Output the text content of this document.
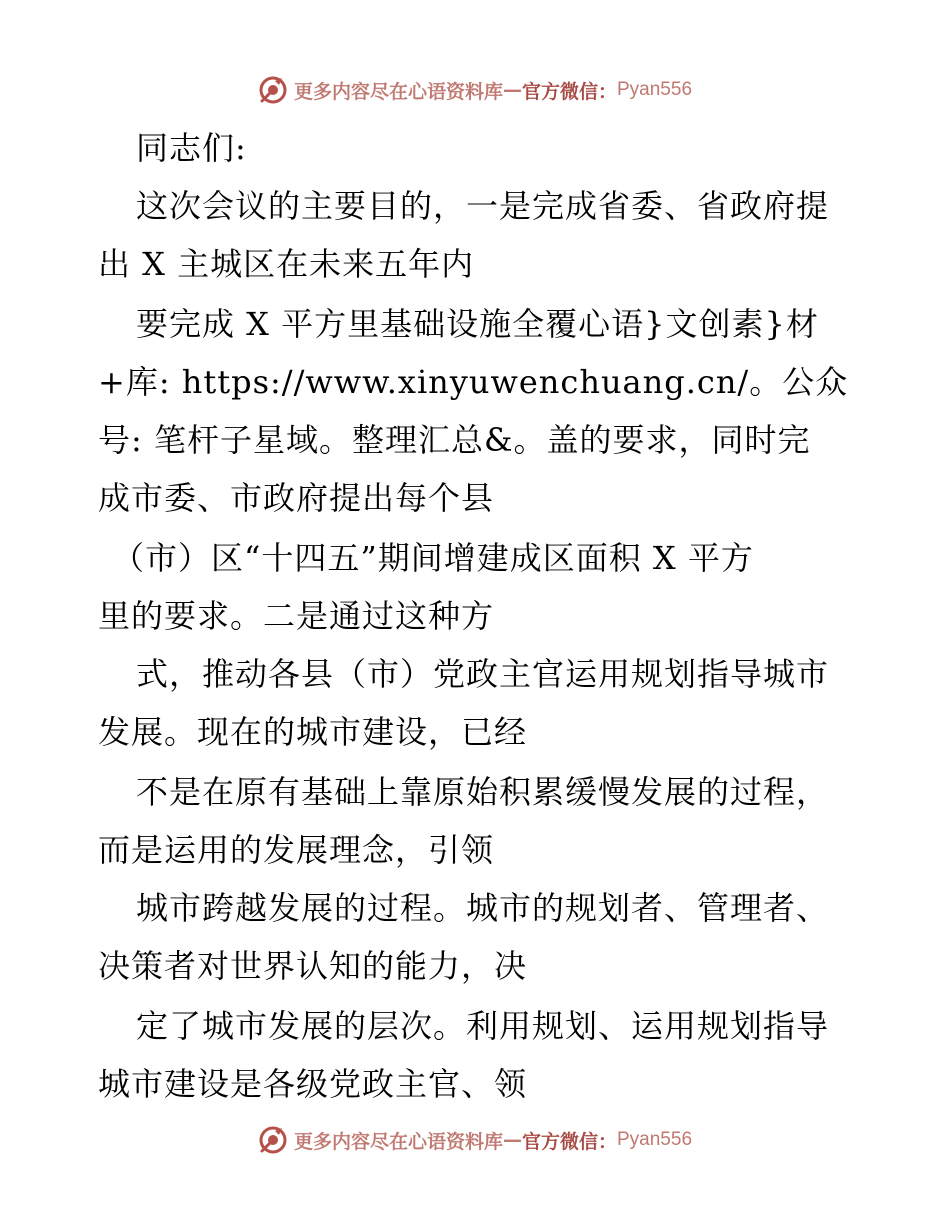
更多内容尽在心语资料库 — 官方微信： Pyan556
同志们:
这次会议的主要目的，一是完成省委、省政府提
出 X 主城区在未来五年内
要完成 X 平方里基础设施全覆心语}文创素}材
+库: https://www.xinyuwenchuang.cn/。公众
号: 笔杆子星域。整理汇总&。盖的要求，同时完
成市委、市政府提出每个县
（市）区“十四五”期间增建成区面积 X 平方
里的要求。二是通过这种方
式，推动各县（市）党政主官运用规划指导城市
发展。现在的城市建设，已经
不是在原有基础上靠原始积累缓慢发展的过程，
而是运用的发展理念，引领
城市跨越发展的过程。城市的规划者、管理者、
决策者对世界认知的能力，决
定了城市发展的层次。利用规划、运用规划指导
城市建设是各级党政主官、领
更多内容尽在心语资料库 — 官方微信： Pyan556
